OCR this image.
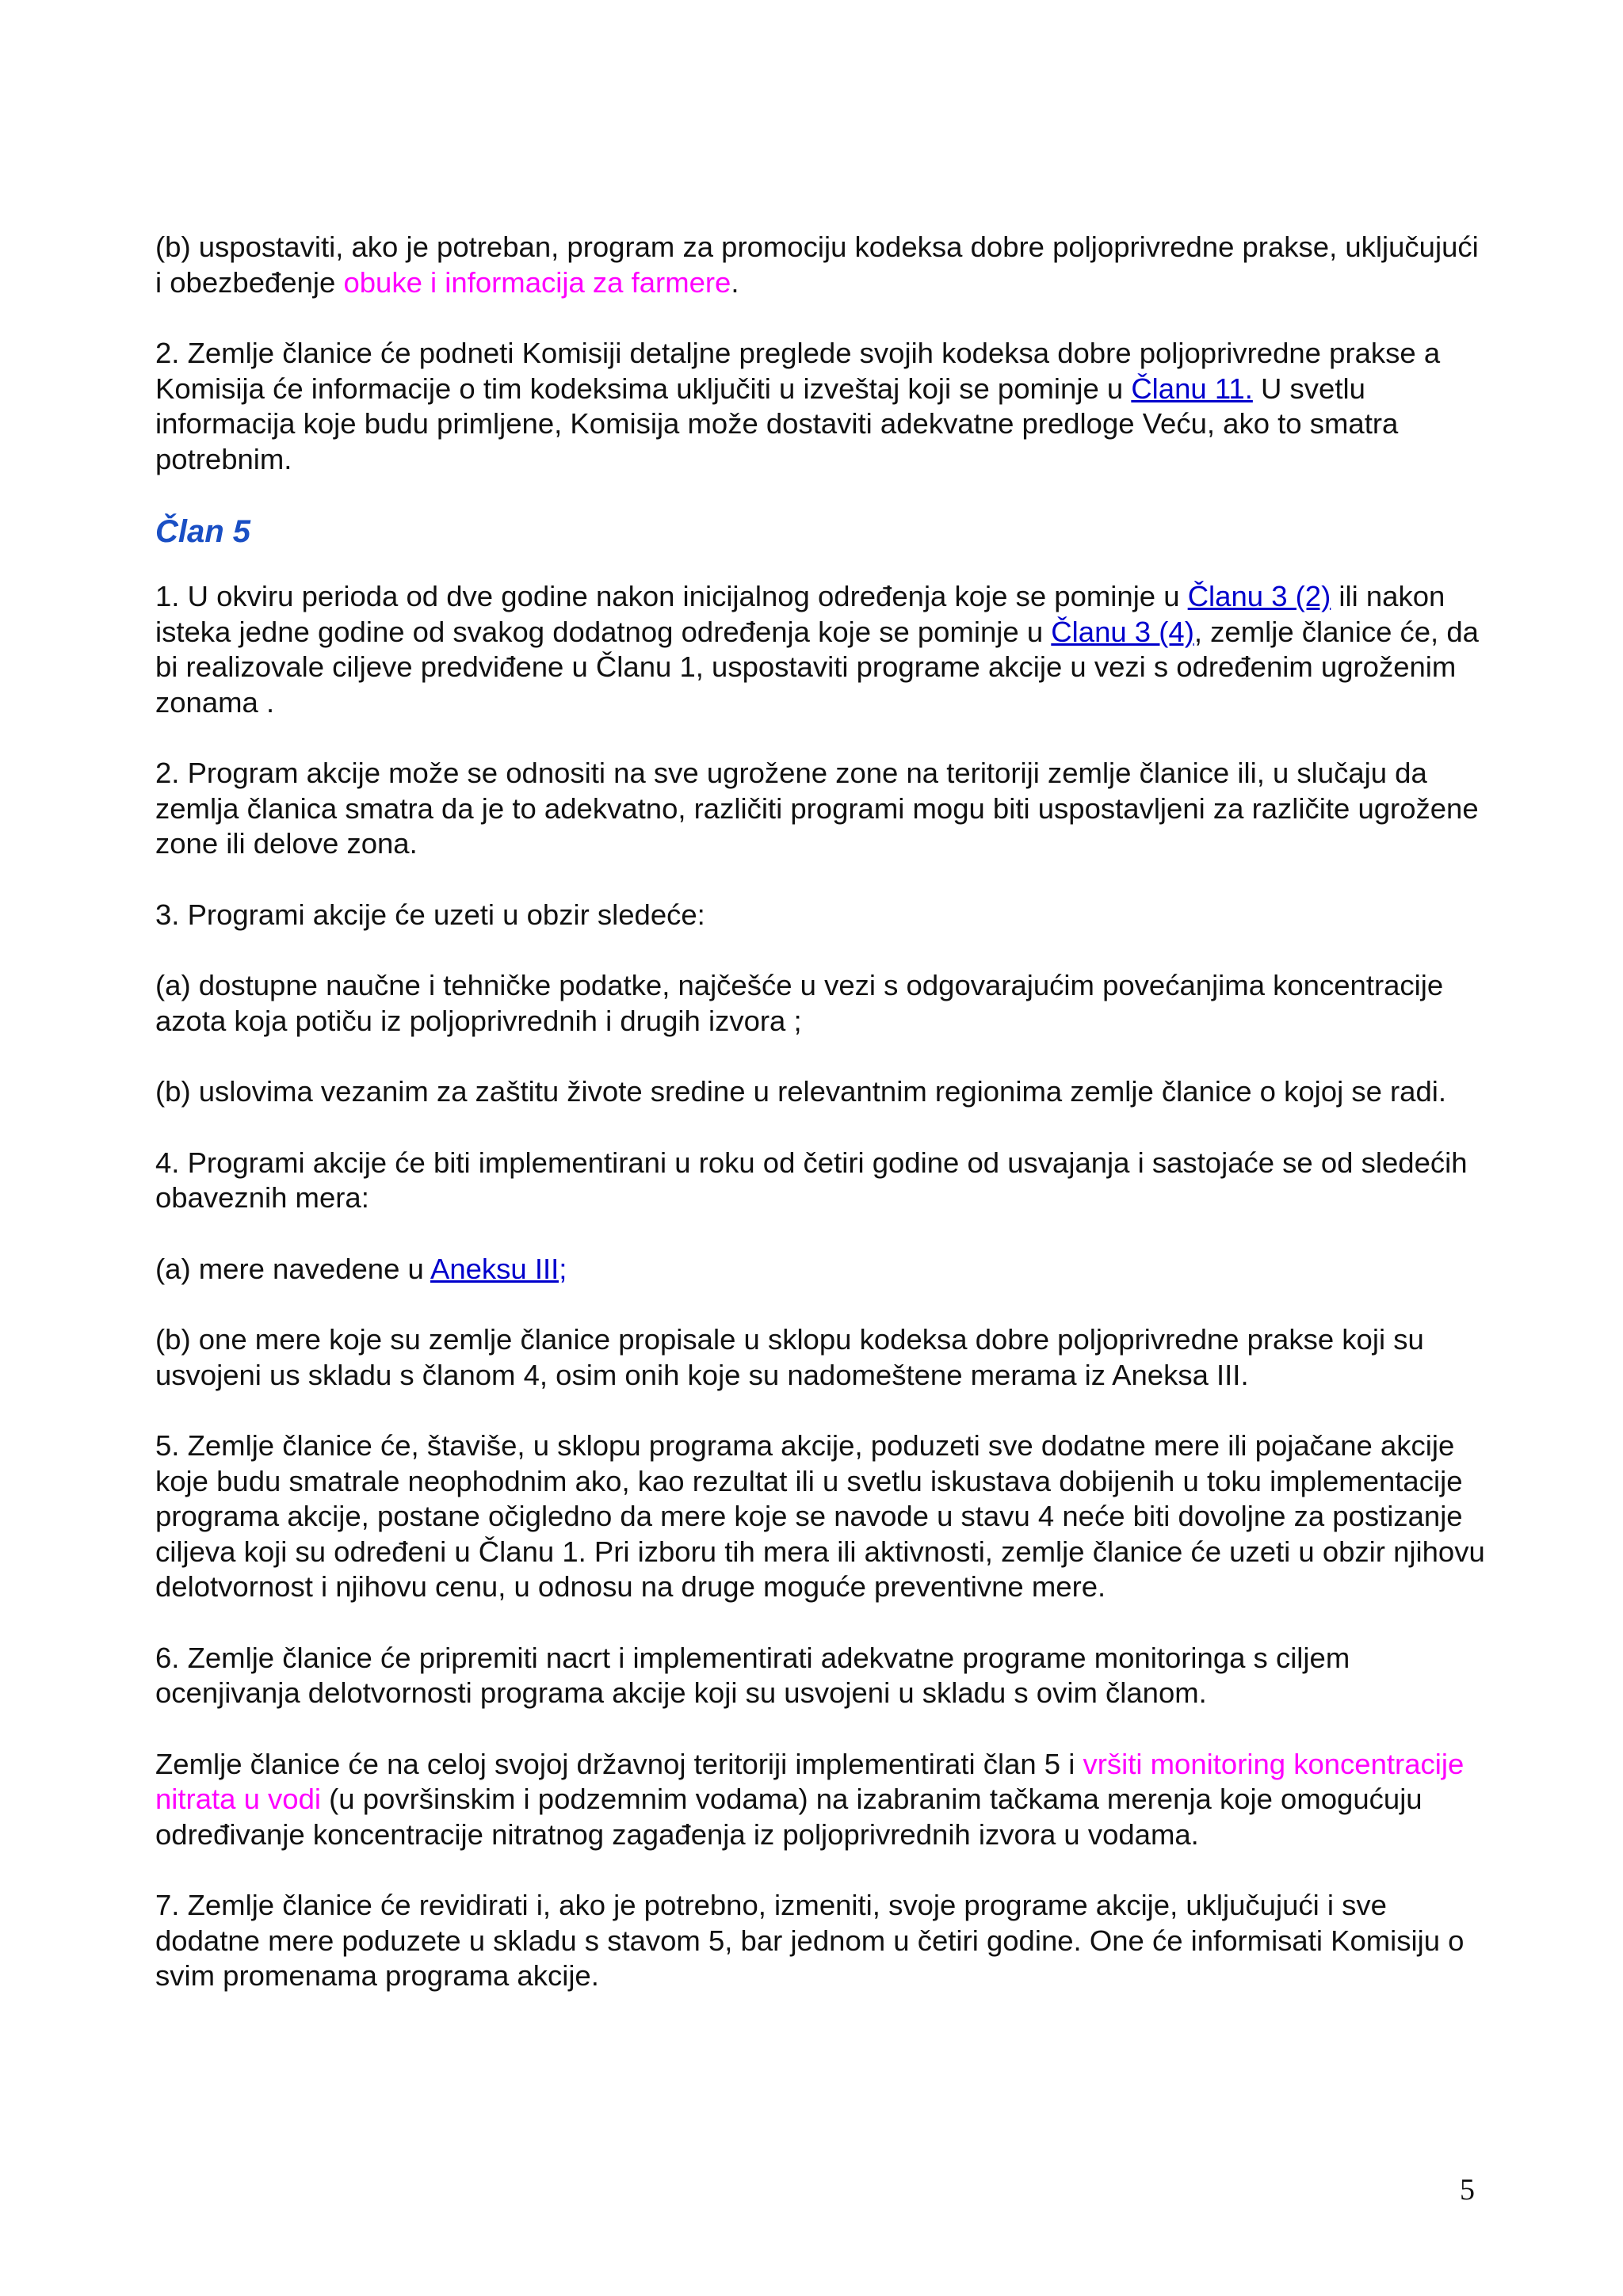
(b) uspostaviti, ako je potreban, program za promociju kodeksa dobre poljoprivredne prakse, uključujući i obezbeđenje obuke i informacija za farmere.

2. Zemlje članice će podneti Komisiji detaljne preglede svojih kodeksa dobre poljoprivredne prakse a Komisija će informacije o tim kodeksima uključiti u izveštaj koji se pominje u Članu 11. U svetlu informacija koje budu primljene, Komisija može dostaviti adekvatne predloge Veću, ako to smatra potrebnim.

Član 5

1. U okviru perioda od dve godine nakon inicijalnog određenja koje se pominje u Članu 3 (2) ili nakon isteka jedne godine od svakog dodatnog određenja koje se pominje u Članu 3 (4), zemlje članice će, da bi realizovale ciljeve predviđene u Članu 1, uspostaviti programe akcije u vezi s određenim ugroženim zonama .

2. Program akcije može se odnositi na sve ugrožene zone na teritoriji zemlje članice ili, u slučaju da zemlja članica smatra da je to adekvatno, različiti programi mogu biti uspostavljeni za različite ugrožene zone ili delove zona.

3. Programi akcije će uzeti u obzir sledeće:

(a) dostupne naučne i tehničke podatke, najčešće u vezi s odgovarajućim povećanjima koncentracije azota koja potiču iz poljoprivrednih i drugih izvora ;

(b) uslovima vezanim za zaštitu živote sredine u relevantnim regionima zemlje članice o kojoj se radi.

4. Programi akcije će biti implementirani u roku od četiri godine od usvajanja i sastojaće se od sledećih obaveznih mera:

(a) mere navedene u Aneksu III;

(b) one mere koje su zemlje članice propisale u sklopu kodeksa dobre poljoprivredne prakse koji su usvojeni us skladu s članom 4, osim onih koje su nadomeštene merama iz Aneksa III.

5. Zemlje članice će, štaviše, u sklopu programa akcije, poduzeti sve dodatne mere ili pojačane akcije koje budu smatrale neophodnim ako, kao rezultat ili u svetlu iskustava dobijenih u toku implementacije programa akcije, postane očigledno da mere koje se navode u stavu 4 neće biti dovoljne za postizanje ciljeva koji su određeni u Članu 1. Pri izboru tih mera ili aktivnosti, zemlje članice će uzeti u obzir njihovu delotvornost i njihovu cenu, u odnosu na druge moguće preventivne mere.

6. Zemlje članice će pripremiti nacrt i implementirati adekvatne programe monitoringa s ciljem ocenjivanja delotvornosti programa akcije koji su usvojeni u skladu s ovim članom.

Zemlje članice će na celoj svojoj državnoj teritoriji implementirati član 5 i vršiti monitoring koncentracije nitrata u vodi (u površinskim i podzemnim vodama) na izabranim tačkama merenja koje omogućuju određivanje koncentracije nitratnog zagađenja iz poljoprivrednih izvora u vodama.

7. Zemlje članice će revidirati i, ako je potrebno, izmeniti, svoje programe akcije, uključujući i sve dodatne mere poduzete u skladu s stavom 5, bar jednom u četiri godine. One će informisati Komisiju o svim promenama programa akcije.

5
